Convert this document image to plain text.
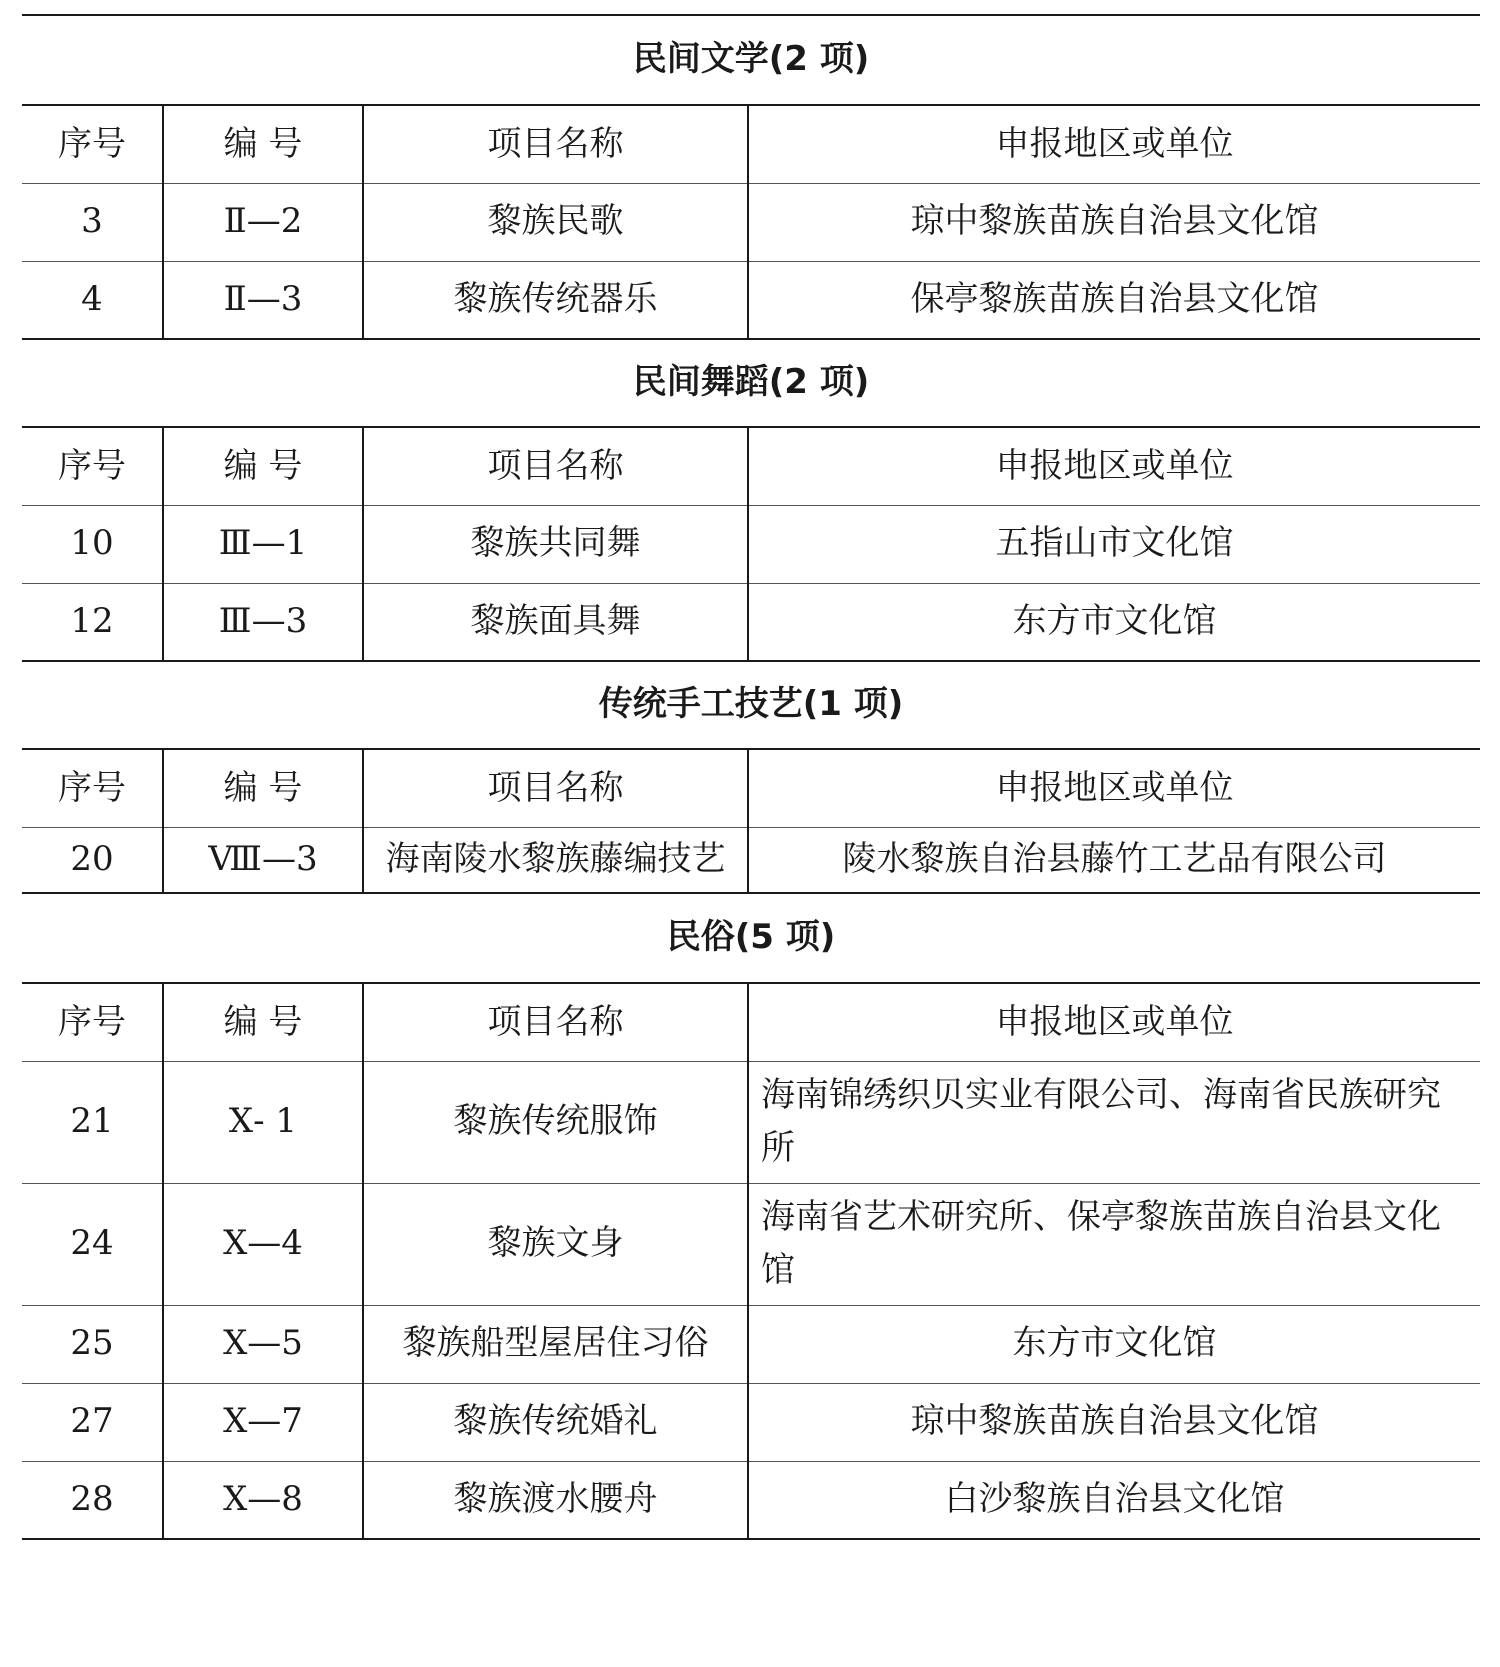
民间文学(2 项)			
序号	编 号	项目名称	申报地区或单位
3	Ⅱ—2	黎族民歌	琼中黎族苗族自治县文化馆
4	Ⅱ—3	黎族传统器乐	保亭黎族苗族自治县文化馆
民间舞蹈(2 项)			
序号	编 号	项目名称	申报地区或单位
10	Ⅲ—1	黎族共同舞	五指山市文化馆
12	Ⅲ—3	黎族面具舞	东方市文化馆
传统手工技艺(1 项)			
序号	编 号	项目名称	申报地区或单位
20	Ⅷ—3	海南陵水黎族藤编技艺	陵水黎族自治县藤竹工艺品有限公司
民俗(5 项)			
序号	编 号	项目名称	申报地区或单位
21	Ⅹ- 1	黎族传统服饰	海南锦绣织贝实业有限公司、海南省民族研究所
24	Ⅹ—4	黎族文身	海南省艺术研究所、保亭黎族苗族自治县文化馆
25	Ⅹ—5	黎族船型屋居住习俗	东方市文化馆
27	Ⅹ—7	黎族传统婚礼	琼中黎族苗族自治县文化馆
28	Ⅹ—8	黎族渡水腰舟	白沙黎族自治县文化馆
